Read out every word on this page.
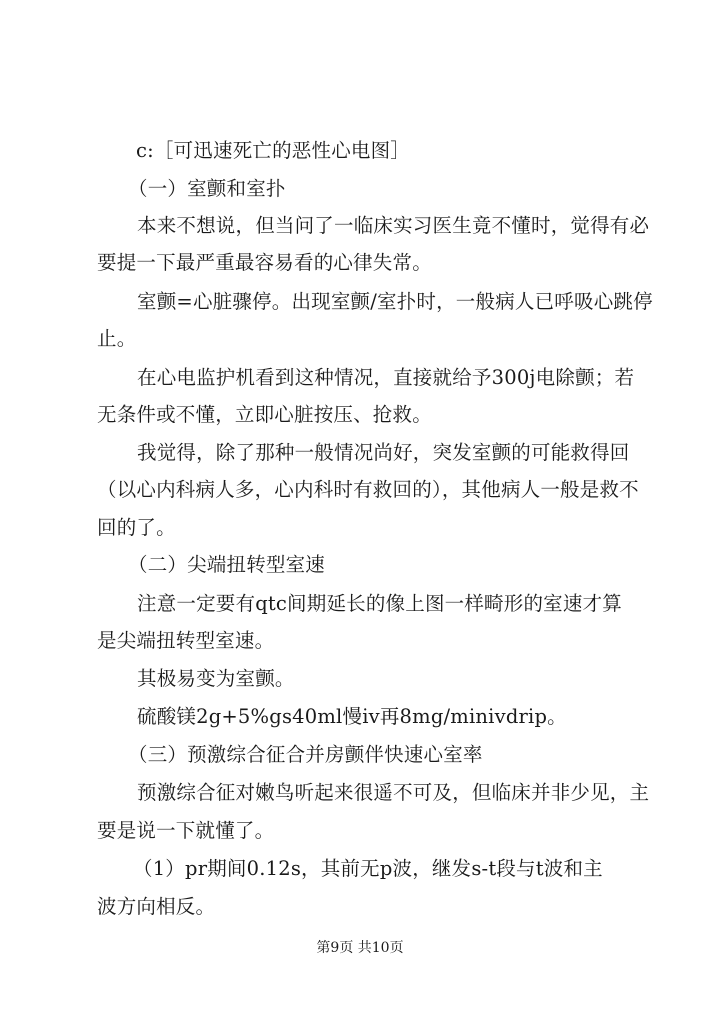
c:［可迅速死亡的恶性心电图］
（一）室颤和室扑
本来不想说，但当问了一临床实习医生竟不懂时，觉得有必
要提一下最严重最容易看的心律失常。
室颤=心脏骤停。出现室颤/室扑时，一般病人已呼吸心跳停
止。
在心电监护机看到这种情况，直接就给予300j电除颤；若
无条件或不懂，立即心脏按压、抢救。
我觉得，除了那种一般情况尚好，突发室颤的可能救得回
（以心内科病人多，心内科时有救回的），其他病人一般是救不
回的了。
（二）尖端扭转型室速
注意一定要有qtc间期延长的像上图一样畸形的室速才算
是尖端扭转型室速。
其极易变为室颤。
硫酸镁2g+5%gs40ml慢iv再8mg/minivdrip。
（三）预激综合征合并房颤伴快速心室率
预激综合征对嫩鸟听起来很遥不可及，但临床并非少见，主
要是说一下就懂了。
（1）pr期间0.12s，其前无p波，继发s-t段与t波和主
波方向相反。
第9页 共10页
